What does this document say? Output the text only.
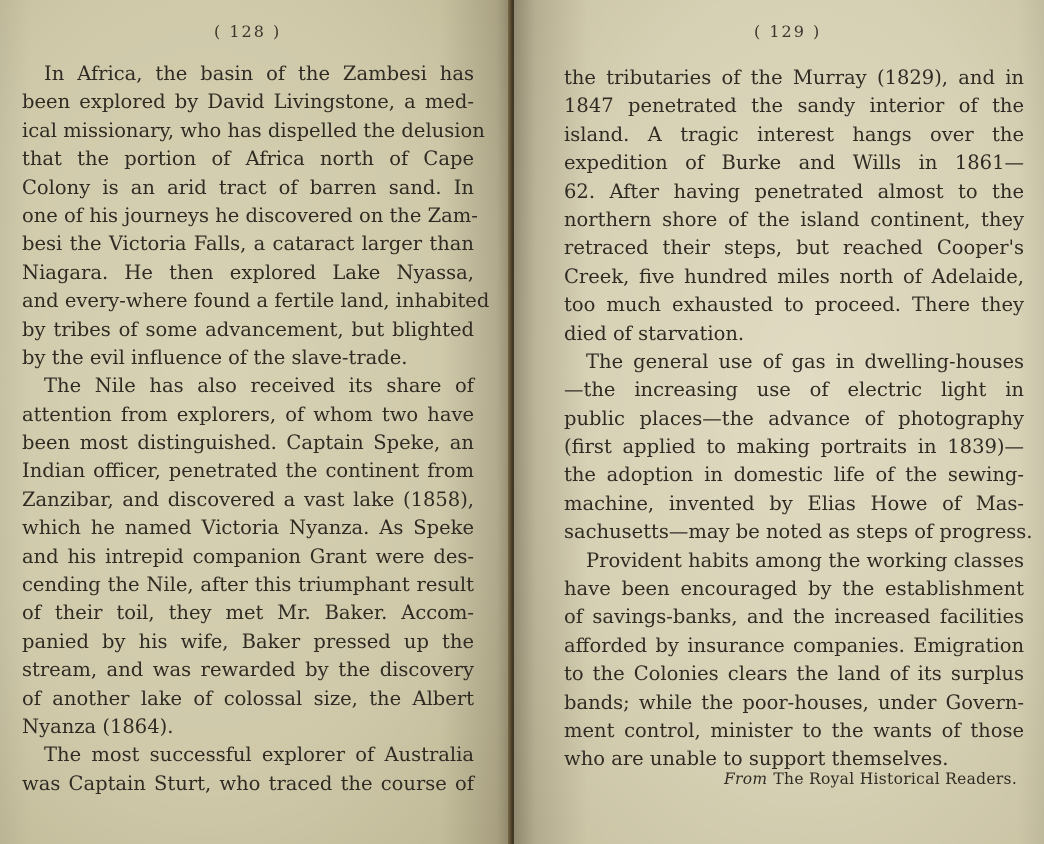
( 128 )
In Africa, the basin of the Zambesi has
been explored by David Livingstone, a med-
ical missionary, who has dispelled the delusion
that the portion of Africa north of Cape
Colony is an arid tract of barren sand. In
one of his journeys he discovered on the Zam-
besi the Victoria Falls, a cataract larger than
Niagara. He then explored Lake Nyassa,
and every-where found a fertile land, inhabited
by tribes of some advancement, but blighted
by the evil influence of the slave-trade.
The Nile has also received its share of
attention from explorers, of whom two have
been most distinguished. Captain Speke, an
Indian officer, penetrated the continent from
Zanzibar, and discovered a vast lake (1858),
which he named Victoria Nyanza. As Speke
and his intrepid companion Grant were des-
cending the Nile, after this triumphant result
of their toil, they met Mr. Baker. Accom-
panied by his wife, Baker pressed up the
stream, and was rewarded by the discovery
of another lake of colossal size, the Albert
Nyanza (1864).
The most successful explorer of Australia
was Captain Sturt, who traced the course of
( 129 )
the tributaries of the Murray (1829), and in
1847 penetrated the sandy interior of the
island. A tragic interest hangs over the
expedition of Burke and Wills in 1861—
62. After having penetrated almost to the
northern shore of the island continent, they
retraced their steps, but reached Cooper's
Creek, five hundred miles north of Adelaide,
too much exhausted to proceed. There they
died of starvation.
The general use of gas in dwelling-houses
—the increasing use of electric light in
public places—the advance of photography
(first applied to making portraits in 1839)—
the adoption in domestic life of the sewing-
machine, invented by Elias Howe of Mas-
sachusetts—may be noted as steps of progress.
Provident habits among the working classes
have been encouraged by the establishment
of savings-banks, and the increased facilities
afforded by insurance companies. Emigration
to the Colonies clears the land of its surplus
bands; while the poor-houses, under Govern-
ment control, minister to the wants of those
who are unable to support themselves.
From The Royal Historical Readers.
